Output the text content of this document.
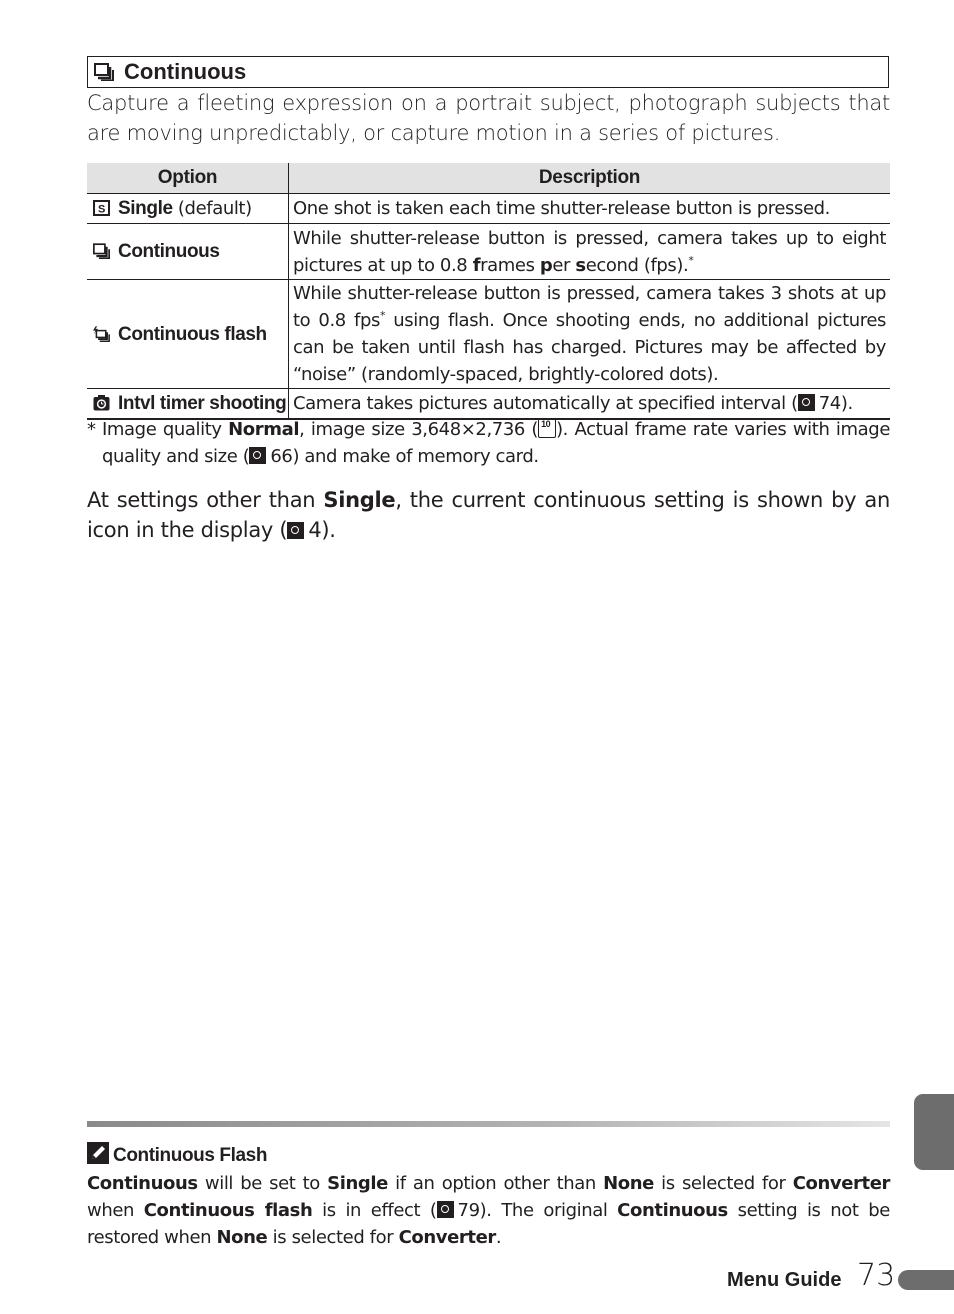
Continuous
Capture a fleeting expression on a portrait subject, photograph subjects that are moving unpredictably, or capture motion in a series of pictures.
Option	Description

S Single (default)	One shot is taken each time shutter-release button is pressed.

Continuous	While shutter-release button is pressed, camera takes up to eight pictures at up to 0.8 frames per second (fps).*

Continuous flash	While shutter-release button is pressed, camera takes 3 shots at up to 0.8 fps* using flash. Once shooting ends, no additional pictures can be taken until flash has charged. Pictures may be affected by “noise” (randomly-spaced, brightly-colored dots).

Intvl timer shooting	Camera takes pictures automatically at specified interval ( 74).
* Image quality Normal, image size 3,648×2,736 ( 10 ). Actual frame rate varies with image quality and size ( 66) and make of memory card.
At settings other than Single, the current continuous setting is shown by an icon in the display ( 4).
Continuous Flash
Continuous will be set to Single if an option other than None is selected for Converter when Continuous flash is in effect ( 79). The original Continuous setting is not be restored when None is selected for Converter.
Menu Guide 73
